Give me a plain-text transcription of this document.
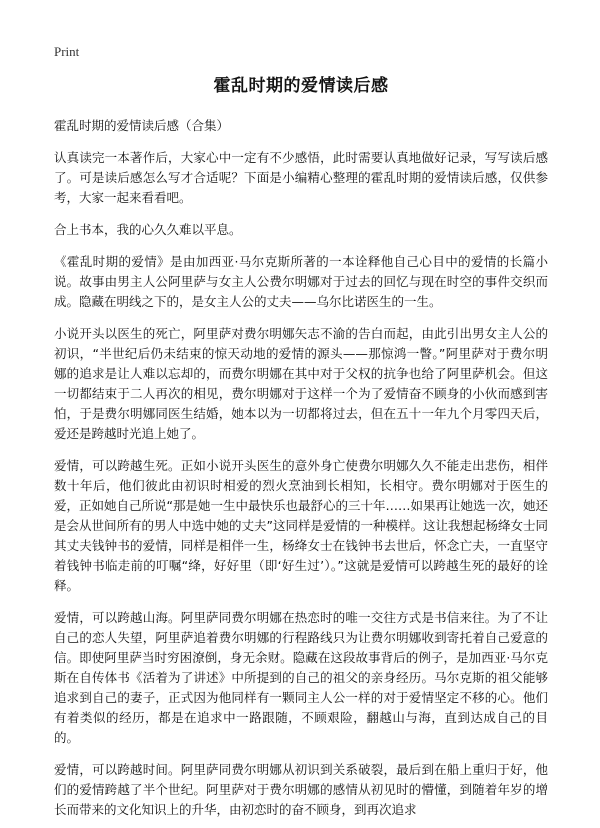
Print
霍乱时期的爱情读后感
霍乱时期的爱情读后感（合集）

认真读完一本著作后，大家心中一定有不少感悟，此时需要认真地做好记录，写写读后感了。可是读后感怎么写才合适呢？下面是小编精心整理的霍乱时期的爱情读后感，仅供参考，大家一起来看看吧。

合上书本，我的心久久难以平息。

《霍乱时期的爱情》是由加西亚·马尔克斯所著的一本诠释他自己心目中的爱情的长篇小说。故事由男主人公阿里萨与女主人公费尔明娜对于过去的回忆与现在时空的事件交织而成。隐藏在明线之下的，是女主人公的丈夫——乌尔比诺医生的一生。

小说开头以医生的死亡，阿里萨对费尔明娜矢志不渝的告白而起，由此引出男女主人公的初识，“半世纪后仍未结束的惊天动地的爱情的源头——那惊鸿一瞥。”阿里萨对于费尔明娜的追求是让人难以忘却的，而费尔明娜在其中对于父权的抗争也给了阿里萨机会。但这一切都结束于二人再次的相见，费尔明娜对于这样一个为了爱情奋不顾身的小伙而感到害怕，于是费尔明娜同医生结婚，她本以为一切都将过去，但在五十一年九个月零四天后，爱还是跨越时光追上她了。

爱情，可以跨越生死。正如小说开头医生的意外身亡使费尔明娜久久不能走出悲伤，相伴数十年后，他们彼此由初识时相爱的烈火烹油到长相知，长相守。费尔明娜对于医生的爱，正如她自己所说“那是她一生中最快乐也最舒心的三十年……如果再让她选一次，她还是会从世间所有的男人中选中她的丈夫”这同样是爱情的一种模样。这让我想起杨绛女士同其丈夫钱钟书的爱情，同样是相伴一生，杨绛女士在钱钟书去世后，怀念亡夫，一直坚守着钱钟书临走前的叮嘱“绛，好好里（即‘好生过’）。”这就是爱情可以跨越生死的最好的诠释。

爱情，可以跨越山海。阿里萨同费尔明娜在热恋时的唯一交往方式是书信来往。为了不让自己的恋人失望，阿里萨追着费尔明娜的行程路线只为让费尔明娜收到寄托着自己爱意的信。即使阿里萨当时穷困潦倒，身无余财。隐藏在这段故事背后的例子，是加西亚·马尔克斯在自传体书《活着为了讲述》中所提到的自己的祖父的亲身经历。马尔克斯的祖父能够追求到自己的妻子，正式因为他同样有一颗同主人公一样的对于爱情坚定不移的心。他们有着类似的经历，都是在追求中一路跟随，不顾艰险，翻越山与海，直到达成自己的目的。

爱情，可以跨越时间。阿里萨同费尔明娜从初识到关系破裂，最后到在船上重归于好，他们的爱情跨越了半个世纪。阿里萨对于费尔明娜的感情从初见时的懵懂，到随着年岁的增长而带来的文化知识上的升华，由初恋时的奋不顾身，到再次追求
